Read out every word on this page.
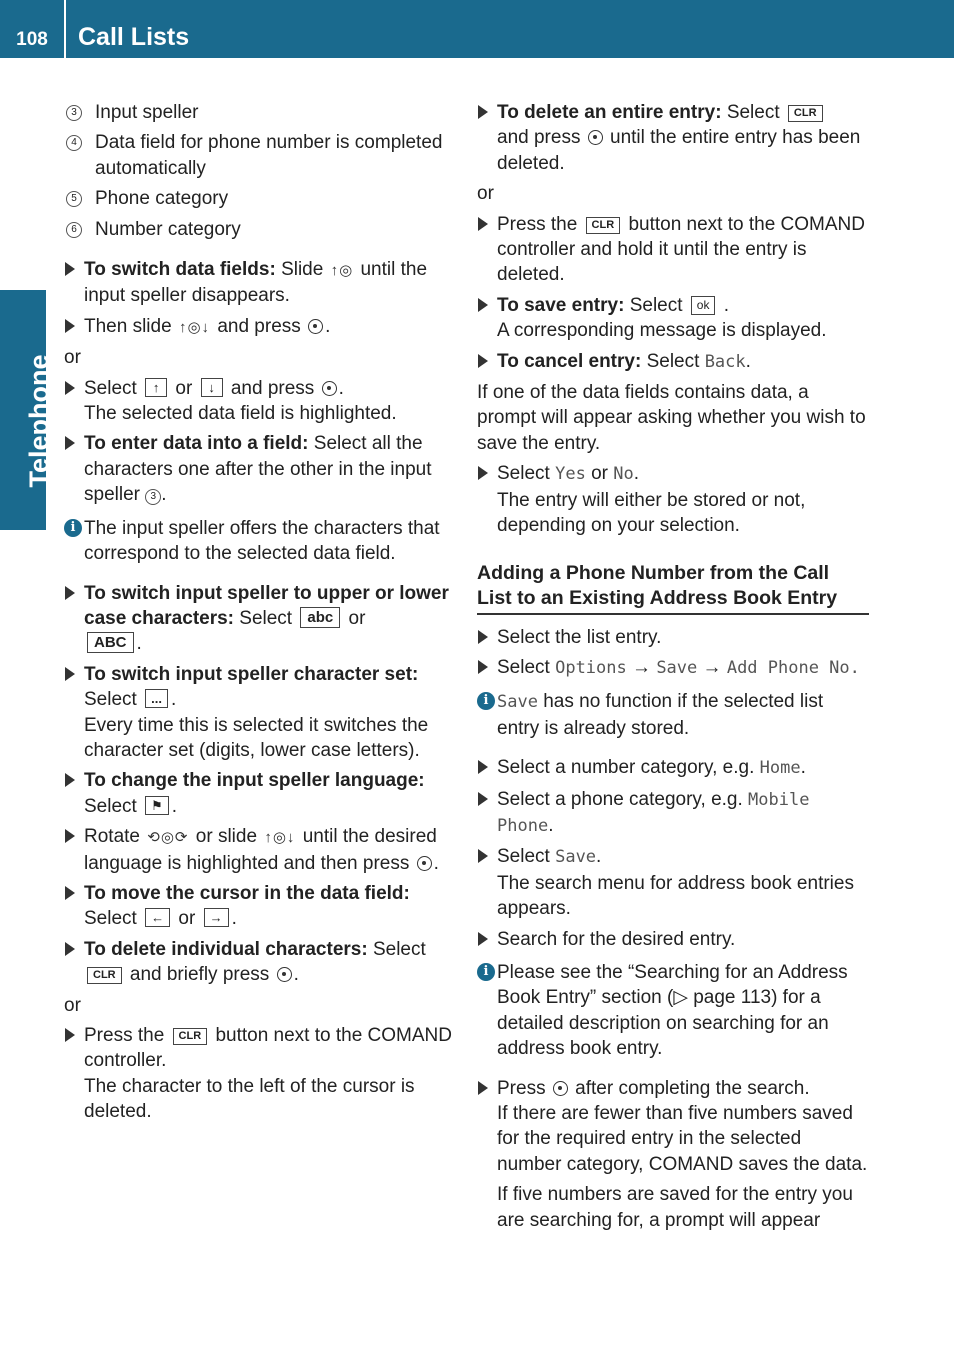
108	Call Lists
Telephone
3 Input speller
4 Data field for phone number is completed automatically
5 Phone category
6 Number category
To switch data fields: Slide ↑◎ until the input speller disappears.
Then slide ↑◎↓ and press .
or
Select ↑ or ↓ and press .
The selected data field is highlighted.
To enter data into a field: Select all the characters one after the other in the input speller 3 .
i The input speller offers the characters that correspond to the selected data field.
To switch input speller to upper or lower case characters: Select abc or
ABC .
To switch input speller character set:
Select ... .
Every time this is selected it switches the character set (digits, lower case letters).
To change the input speller language:
Select ⚑ .
Rotate ⟲◎⟳ or slide ↑◎↓ until the desired language is highlighted and then press .
To move the cursor in the data field:
Select ← or → .
To delete individual characters: Select
CLR and briefly press .
or
Press the CLR button next to the COMAND controller.
The character to the left of the cursor is deleted.
To delete an entire entry: Select CLR
and press until the entire entry has been deleted.
or
Press the CLR button next to the COMAND controller and hold it until the entry is deleted.
To save entry: Select ok .
A corresponding message is displayed.
To cancel entry: Select Back.
If one of the data fields contains data, a prompt will appear asking whether you wish to save the entry.
Select Yes or No.
The entry will either be stored or not, depending on your selection.
Adding a Phone Number from the Call List to an Existing Address Book Entry
Select the list entry.
Select Options → Save → Add Phone No.
i Save has no function if the selected list entry is already stored.
Select a number category, e.g. Home.
Select a phone category, e.g. Mobile Phone.
Select Save.
The search menu for address book entries appears.
Search for the desired entry.
i Please see the “Searching for an Address Book Entry” section (▷ page 113) for a detailed description on searching for an address book entry.
Press after completing the search.
If there are fewer than five numbers saved for the required entry in the selected number category, COMAND saves the data.
If five numbers are saved for the entry you are searching for, a prompt will appear
